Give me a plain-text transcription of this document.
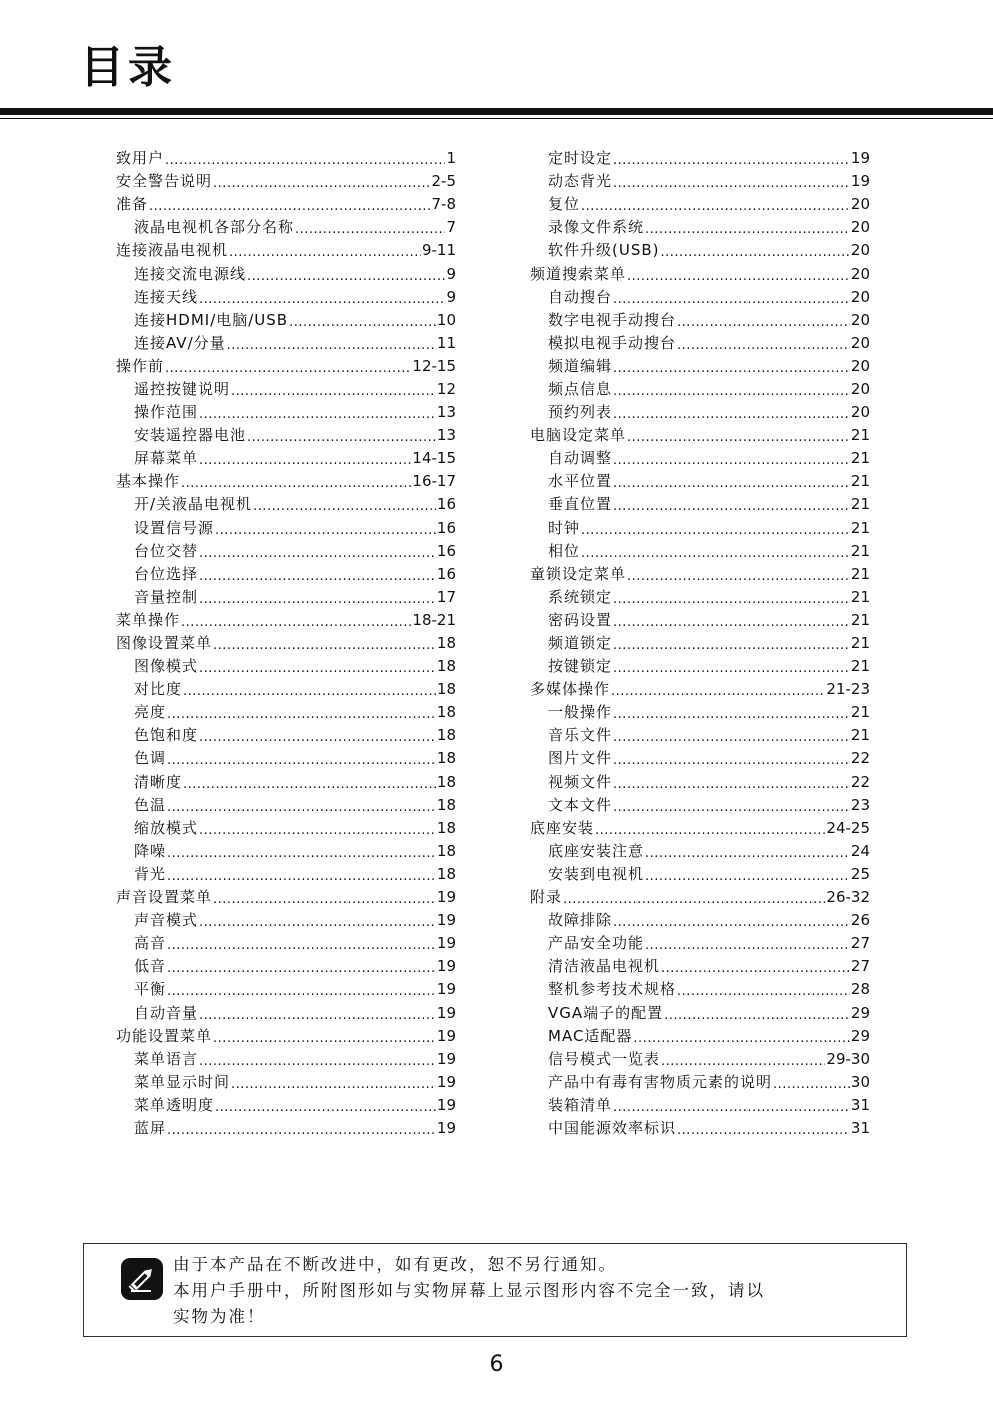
目录
致用户 .....	1
安全警告说明 .....	2-5
准备 .....	7-8
液晶电视机各部分名称 .....	7
连接液晶电视机 .....	9-11
连接交流电源线 .....	9
连接天线 .....	9
连接HDMI/电脑/USB .....	10
连接AV/分量 .....	11
操作前 .....	12-15
遥控按键说明 .....	12
操作范围 .....	13
安装遥控器电池 .....	13
屏幕菜单 .....	14-15
基本操作 .....	16-17
开/关液晶电视机 .....	16
设置信号源 .....	16
台位交替 .....	16
台位选择 .....	16
音量控制 .....	17
菜单操作 .....	18-21
图像设置菜单 .....	18
图像模式 .....	18
对比度 .....	18
亮度 .....	18
色饱和度 .....	18
色调 .....	18
清晰度 .....	18
色温 .....	18
缩放模式 .....	18
降噪 .....	18
背光 .....	18
声音设置菜单 .....	19
声音模式 .....	19
高音 .....	19
低音 .....	19
平衡 .....	19
自动音量 .....	19
功能设置菜单 .....	19
菜单语言 .....	19
菜单显示时间 .....	19
菜单透明度 .....	19
蓝屏 .....	19
定时设定 .....	19
动态背光 .....	19
复位 .....	20
录像文件系统 .....	20
软件升级(USB) .....	20
频道搜索菜单 .....	20
自动搜台 .....	20
数字电视手动搜台 .....	20
模拟电视手动搜台 .....	20
频道编辑 .....	20
频点信息 .....	20
预约列表 .....	20
电脑设定菜单 .....	21
自动调整 .....	21
水平位置 .....	21
垂直位置 .....	21
时钟 .....	21
相位 .....	21
童锁设定菜单 .....	21
系统锁定 .....	21
密码设置 .....	21
频道锁定 .....	21
按键锁定 .....	21
多媒体操作 .....	21-23
一般操作 .....	21
音乐文件 .....	21
图片文件 .....	22
视频文件 .....	22
文本文件 .....	23
底座安装 .....	24-25
底座安装注意 .....	24
安装到电视机 .....	25
附录 .....	26-32
故障排除 .....	26
产品安全功能 .....	27
清洁液晶电视机 .....	27
整机参考技术规格 .....	28
VGA端子的配置 .....	29
MAC适配器 .....	29
信号模式一览表 .....	29-30
产品中有毒有害物质元素的说明 .....	30
装箱清单 .....	31
中国能源效率标识 .....	31
由于本产品在不断改进中，如有更改，恕不另行通知。
本用户手册中，所附图形如与实物屏幕上显示图形内容不完全一致，请以
实物为准！
6
